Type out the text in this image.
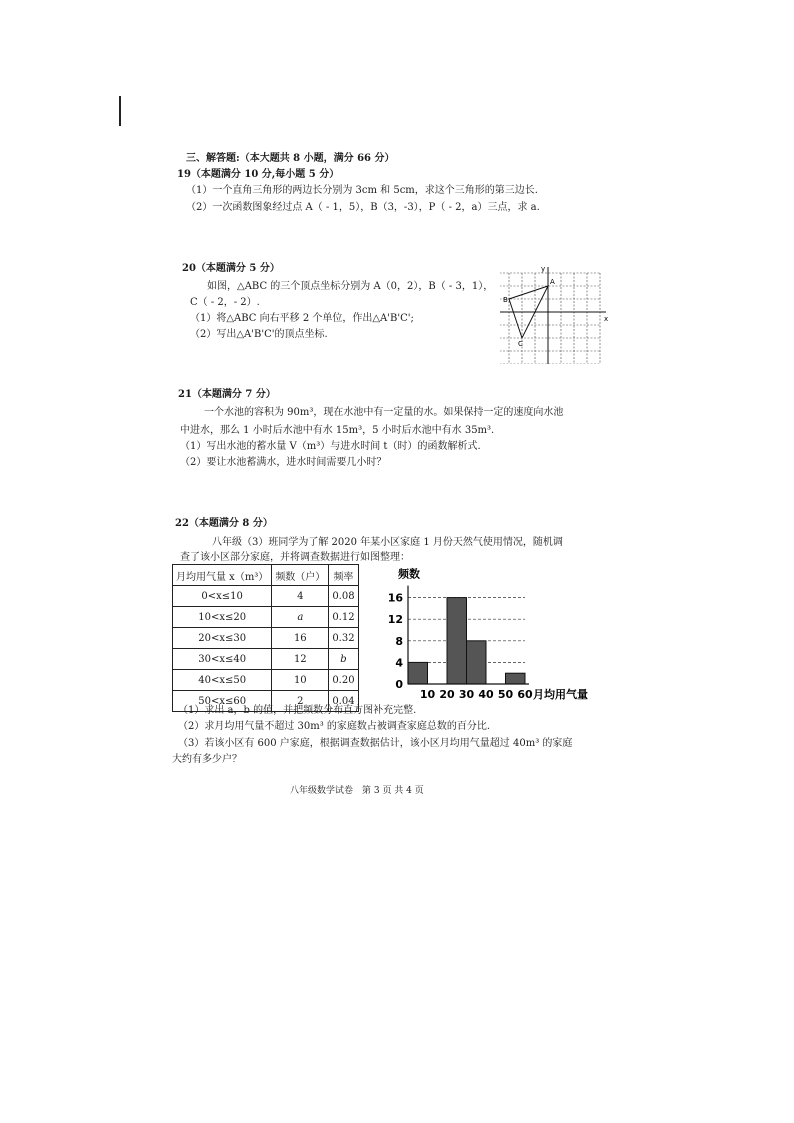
三、解答题:（本大题共 8 小题，满分 66 分）
19（本题满分 10 分,每小题 5 分）
（1）一个直角三角形的两边长分别为 3cm 和 5cm，求这个三角形的第三边长.
（2）一次函数图象经过点 A（ - 1，5），B（3，-3），P（ - 2，a）三点，求 a.
20（本题满分 5 分）
如图，△ABC 的三个顶点坐标分别为 A（0，2），B（ - 3，1），
C（ - 2，- 2）.
（1）将△ABC 向右平移 2 个单位，作出△A'B'C';
（2）写出△A'B'C'的顶点坐标.
y
x
A
B
C
21（本题满分 7 分）
一个水池的容积为 90m³，现在水池中有一定量的水。如果保持一定的速度向水池
中进水，那么 1 小时后水池中有水 15m³，5 小时后水池中有水 35m³.
（1）写出水池的蓄水量 V（m³）与进水时间 t（时）的函数解析式.
（2）要让水池蓄满水，进水时间需要几小时？
22（本题满分 8 分）
八年级（3）班同学为了解 2020 年某小区家庭 1 月份天然气使用情况，随机调
查了该小区部分家庭，并将调查数据进行如图整理：
月均用气量 x（m³）	频数（户）	频率
0<x≤10	4	0.08
10<x≤20	a	0.12
20<x≤30	16	0.32
30<x≤40	12	b
40<x≤50	10	0.20
50<x≤60	2	0.04
0
4
8
12
16
10 20 30 40 50 60
频数
月均用气量
（1）求出 a，b 的值，并把频数分布直方图补充完整.
（2）求月均用气量不超过 30m³ 的家庭数占被调查家庭总数的百分比.
（3）若该小区有 600 户家庭，根据调查数据估计，该小区月均用气量超过 40m³ 的家庭
大约有多少户？
八年级数学试卷　第 3 页 共 4 页
